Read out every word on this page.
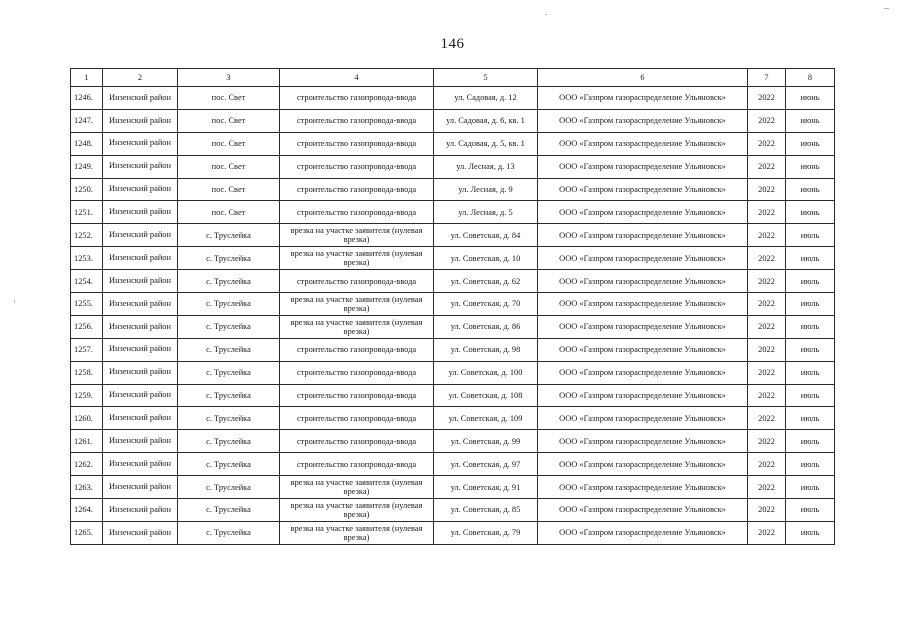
146
1	2	3	4	5	6	7	8
1246.	Инзенский район	пос. Свет	строительство газопровода-ввода	ул. Садовая, д. 12	ООО «Газпром газораспределение Ульяновск»	2022	июнь
1247.	Инзенский район	пос. Свет	строительство газопровода-ввода	ул. Садовая, д. 6, кв. 1	ООО «Газпром газораспределение Ульяновск»	2022	июнь
1248.	Инзенский район	пос. Свет	строительство газопровода-ввода	ул. Садовая, д. 5, кв. 1	ООО «Газпром газораспределение Ульяновск»	2022	июнь
1249.	Инзенский район	пос. Свет	строительство газопровода-ввода	ул. Лесная, д. 13	ООО «Газпром газораспределение Ульяновск»	2022	июнь
1250.	Инзенский район	пос. Свет	строительство газопровода-ввода	ул. Лесная, д. 9	ООО «Газпром газораспределение Ульяновск»	2022	июнь
1251.	Инзенский район	пос. Свет	строительство газопровода-ввода	ул. Лесная, д. 5	ООО «Газпром газораспределение Ульяновск»	2022	июнь
1252.	Инзенский район	с. Труслейка	врезка на участке заявителя (нулевая врезка)	ул. Советская, д. 84	ООО «Газпром газораспределение Ульяновск»	2022	июль
1253.	Инзенский район	с. Труслейка	врезка на участке заявителя (нулевая врезка)	ул. Советская, д. 10	ООО «Газпром газораспределение Ульяновск»	2022	июль
1254.	Инзенский район	с. Труслейка	строительство газопровода-ввода	ул. Советская, д. 62	ООО «Газпром газораспределение Ульяновск»	2022	июль
1255.	Инзенский район	с. Труслейка	врезка на участке заявителя (нулевая врезка)	ул. Советская, д. 70	ООО «Газпром газораспределение Ульяновск»	2022	июль
1256.	Инзенский район	с. Труслейка	врезка на участке заявителя (нулевая врезка)	ул. Советская, д. 86	ООО «Газпром газораспределение Ульяновск»	2022	июль
1257.	Инзенский район	с. Труслейка	строительство газопровода-ввода	ул. Советская, д. 98	ООО «Газпром газораспределение Ульяновск»	2022	июль
1258.	Инзенский район	с. Труслейка	строительство газопровода-ввода	ул. Советская, д. 100	ООО «Газпром газораспределение Ульяновск»	2022	июль
1259.	Инзенский район	с. Труслейка	строительство газопровода-ввода	ул. Советская, д. 108	ООО «Газпром газораспределение Ульяновск»	2022	июль
1260.	Инзенский район	с. Труслейка	строительство газопровода-ввода	ул. Советская, д. 109	ООО «Газпром газораспределение Ульяновск»	2022	июль
1261.	Инзенский район	с. Труслейка	строительство газопровода-ввода	ул. Советская, д. 99	ООО «Газпром газораспределение Ульяновск»	2022	июль
1262.	Инзенский район	с. Труслейка	строительство газопровода-ввода	ул. Советская, д. 97	ООО «Газпром газораспределение Ульяновск»	2022	июль
1263.	Инзенский район	с. Труслейка	врезка на участке заявителя (нулевая врезка)	ул. Советская, д. 91	ООО «Газпром газораспределение Ульяновск»	2022	июль
1264.	Инзенский район	с. Труслейка	врезка на участке заявителя (нулевая врезка)	ул. Советская, д. 85	ООО «Газпром газораспределение Ульяновск»	2022	июль
1265.	Инзенский район	с. Труслейка	врезка на участке заявителя (нулевая врезка)	ул. Советская, д. 79	ООО «Газпром газораспределение Ульяновск»	2022	июль
